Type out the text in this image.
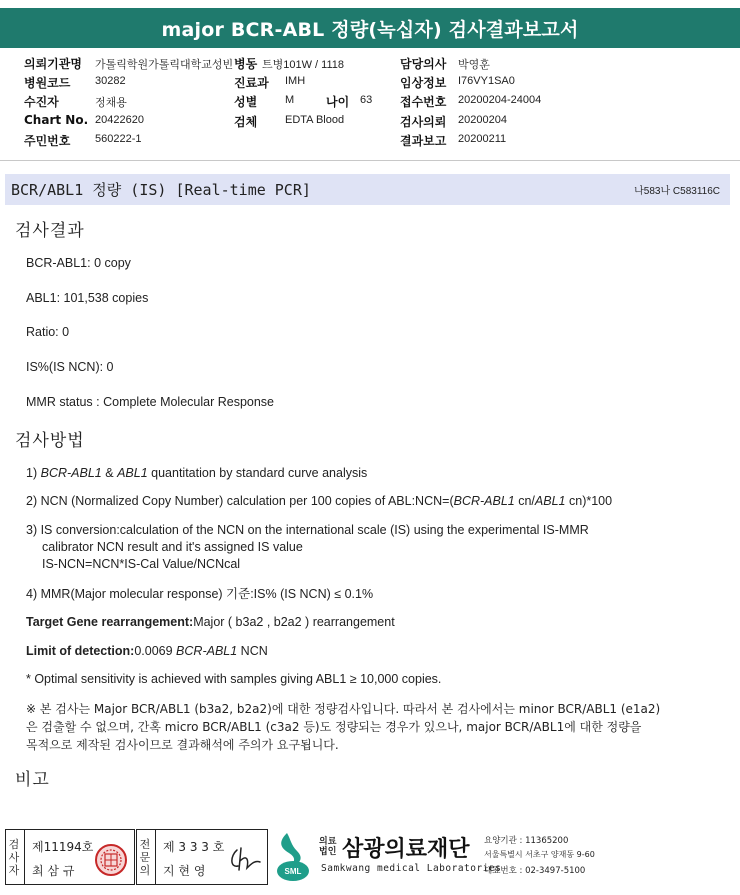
major BCR-ABL 정량(녹십자) 검사결과보고서
의뢰기관명 가톨릭학원가톨릭대학교성빈 병동 트병101W / 1118	담당의사 박영훈
병원코드 30282	진료과 IMH	임상정보 I76VY1SA0
수진자	정채용	성별	M	나이 63 접수번호 20200204-24004
Chart No. 20422620	검체	EDTA Blood	검사의뢰 20200204
주민번호 560222-1	결과보고 20200211
BCR/ABL1 정량 (IS) [Real-time PCR]	나583나 C583116C
검사결과
BCR-ABL1: 0 copy
ABL1: 101,538 copies
Ratio: 0
IS%(IS NCN): 0
MMR status : Complete Molecular Response
검사방법
1) BCR-ABL1 & ABL1 quantitation by standard curve analysis
2) NCN (Normalized Copy Number) calculation per 100 copies of ABL:NCN=(BCR-ABL1 cn/ABL1 cn)*100
3) IS conversion:calculation of the NCN on the international scale (IS) using the experimental IS-MMR
calibrator NCN result and it's assigned IS value
IS-NCN=NCN*IS-Cal Value/NCNcal
4) MMR(Major molecular response) 기준:IS% (IS NCN) ≤ 0.1%
Target Gene rearrangement:Major ( b3a2 , b2a2 ) rearrangement
Limit of detection:0.0069 BCR-ABL1 NCN
* Optimal sensitivity is achieved with samples giving ABL1 ≥ 10,000 copies.
※ 본 검사는 Major BCR/ABL1 (b3a2, b2a2)에 대한 정량검사입니다. 따라서 본 검사에서는 minor BCR/ABL1 (e1a2)
은 검출할 수 없으며, 간혹 micro BCR/ABL1 (c3a2 등)도 정량되는 경우가 있으나, major BCR/ABL1에 대한 정량을
목적으로 제작된 검사이므로 결과해석에 주의가 요구됩니다.
비고
검사자
제11194호
최 삼 규
전문의
제 3 3 3 호
지 현 영	SML
의료
법인 삼광의료재단
Samkwang medical Laboratories
요양기관 : 11365200
서울특별시 서초구 양재동 9-60
대표번호 : 02-3497-5100
